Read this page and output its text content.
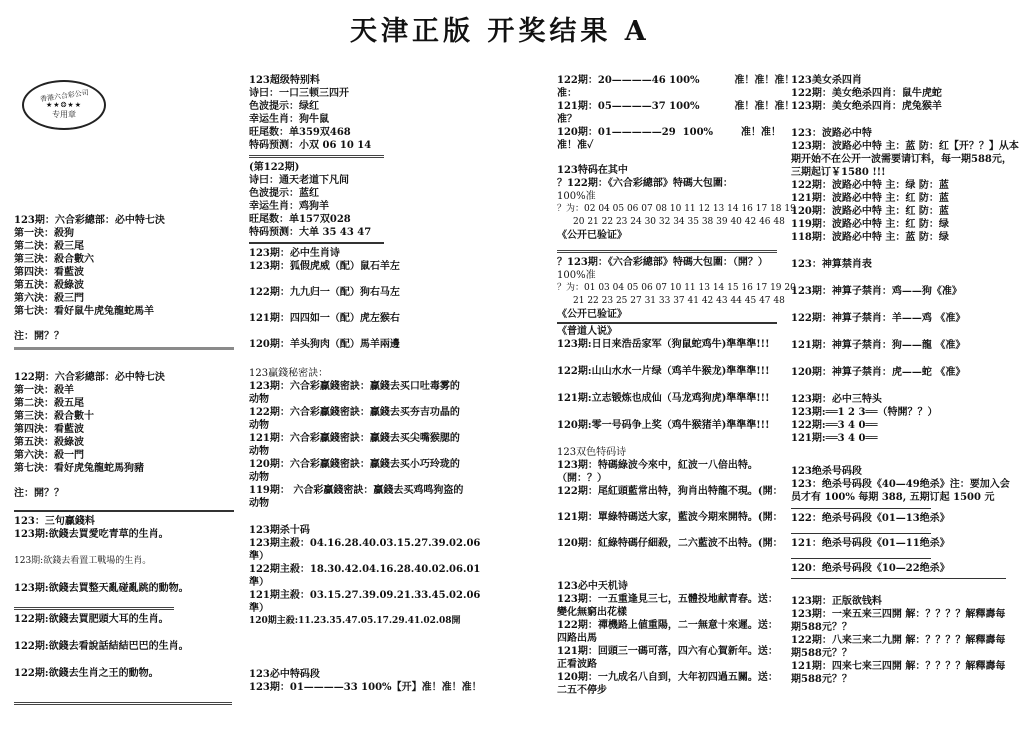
天津正版 开奖结果 A
香港六合彩公司
★★❂★★
专用章
123期：六合彩總部：必中特七決
第一決：殺狗
第二決：殺三尾
第三決：殺合數六
第四決：看藍波
第五決：殺綠波
第六決：殺三門
第七決：看好鼠牛虎兔龍蛇馬羊
注：開？？
122期：六合彩總部：必中特七決
第一決：殺羊
第二決：殺五尾
第三決：殺合數十
第四決：看藍波
第五決：殺綠波
第六決：殺一門
第七決：看好虎兔龍蛇馬狗豬
注：開？？
123：三句贏錢料
123期:欲錢去買愛吃青草的生肖。
123期:欲錢去看置工戰場的生肖。
123期:欲錢去買整天亂碰亂跳的動物。
122期:欲錢去買肥頭大耳的生肖。
122期:欲錢去看說話結結巴巴的生肖。
122期:欲錢去生肖之王的動物。
123超级特别料
诗曰：一口三顿三四开
色波提示：绿红
幸运生肖：狗牛鼠
旺尾数：单359双468
特码预测：小双 06 10 14
(第122期)
诗曰：通天老道下凡间
色波提示：蓝红
幸运生肖：鸡狗羊
旺尾数：单157双028
特码预测：大单 35 43 47
123期：必中生肖诗
123期：狐假虎威（配）鼠石羊左
122期：九九归一（配）狗右马左
121期：四四如一（配）虎左猴右
120期：羊头狗肉（配）馬羊兩邊
123贏錢秘密訣：
123期：六合彩贏錢密訣：贏錢去买口吐毒雾的动物
122期：六合彩贏錢密訣：贏錢去买夯吉功晶的动物
121期：六合彩贏錢密訣：贏錢去买尖嘴猴腮的动物
120期：六合彩贏錢密訣：贏錢去买小巧玲珑的动物
119期： 六合彩贏錢密訣：贏錢去买鸡鸣狗盗的动物
123期杀十码
123期主殺：04.16.28.40.03.15.27.39.02.06
準）
122期主殺：18.30.42.04.16.28.40.02.06.01
準）
121期主殺：03.15.27.39.09.21.33.45.02.06
準）
120期主殺:11.23.35.47.05.17.29.41.02.08開
123必中特码段
123期：01————33 100%【开】准！准！准！
122期：20————46 100%          准！准！准！
准：
121期：05————37 100%          准！准！准！
准？
120期：01—————29  100%        准！准！
准！准✓
123特码在其中
？122期：《六合彩總部》特碼大包圍：
100%准
？为：02 04 05 06 07 08 10 11 12 13 14 16 17 18 19
20 21 22 23 24 30 32 34 35 38 39 40 42 46 48
《公开已验证》
？123期：《六合彩總部》特碼大包圍：（開？）
100%准
？为：01 03 04 05 06 07 10 11 13 14 15 16 17 19 20
21 22 23 25 27 31 33 37 41 42 43 44 45 47 48
《公开已验证》
《普道人说》
123期:日日来浩岳家军（狗鼠蛇鸡牛)準準準!!!
122期:山山水水一片绿（鸡羊牛猴龙)準準準!!!
121期:立志锻炼也成仙（马龙鸡狗虎)準準準!!!
120期:零一号码争上奖（鸡牛猴猪羊)準準準!!!
123双色特码诗
123期：特碼綠波今來中，紅波一八倍出特。
（開：？）
122期：尾紅頭藍常出特，狗肖出特龍不現。(開：
121期：單綠特碼送大家，藍波今期來開特。(開：
120期：紅綠特碼仔細殺，二六藍波不出特。(開：
123必中天机诗
123期：一五重逢見三七，五體投地献青春。送：
變化無窮出花樣
122期：禪機路上値重陽，二一無意十來遲。送：
四路出馬
121期：回頭三一碼可落，四六有心賀新年。送：
正看波路
120期：一九成名八自到，大年初四過五關。送：
二五不停步
123美女杀四肖
122期：美女绝杀四肖：鼠牛虎蛇
123期：美女绝杀四肖：虎兔猴羊
123：波路必中特
123期：波路必中特 主：蓝 防：红【开？？】从本期开始不在公开一波需要请订料，每一期588元，三期起订￥1580 !!!
122期：波路必中特 主：绿 防：蓝
121期：波路必中特 主：红 防：蓝
120期：波路必中特 主：红 防：蓝
119期：波路必中特 主：红 防：绿
118期：波路必中特 主：蓝 防：绿
123：神算禁肖表
123期：神算子禁肖：鸡——狗《准》
122期：神算子禁肖：羊——鸡 《准》
121期：神算子禁肖：狗——龍 《准》
120期：神算子禁肖：虎——蛇 《准》
123期：必中三特头
123期:══1 2 3══（特開？？）
122期:══3 4 0══
121期:══3 4 0══
123绝杀号码段
123：绝杀号码段《40—49绝杀》注：要加入会员才有 100% 每期 388, 五期订起 1500 元
122：绝杀号码段《01—13绝杀》
121：绝杀号码段《01—11绝杀》
120：绝杀号码段《10—22绝杀》
123期：正版欲钱料
123期：一来五来三四開 解：？？？？解釋壽每
期588元？？
122期：八来三来二九開 解：？？？？解釋壽每
期588元？？
121期：四来七来三四開 解：？？？？解釋壽每
期588元？？
